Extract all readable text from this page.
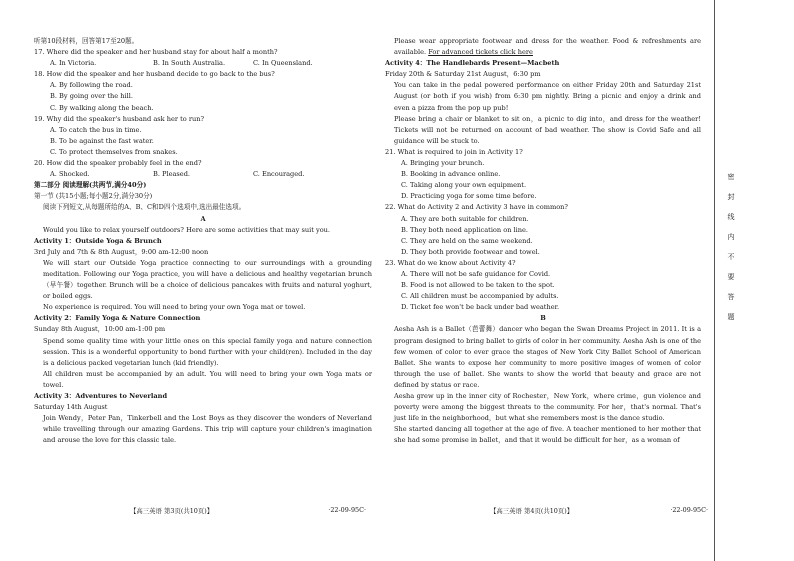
听第10段材料，回答第17至20题。
17. Where did the speaker and her husband stay for about half a month?
A. In Victoria.	B. In South Australia.	C. In Queensland.
18. How did the speaker and her husband decide to go back to the bus?
A. By following the road.
B. By going over the hill.
C. By walking along the beach.
19. Why did the speaker's husband ask her to run?
A. To catch the bus in time.
B. To be against the fast water.
C. To protect themselves from snakes.
20. How did the speaker probably feel in the end?
A. Shocked.	B. Pleased.	C. Encouraged.
第二部分 阅读理解(共两节,满分40分)
第一节 (共15小题;每小题2分,满分30分)
阅读下列短文,从每题所给的A、B、C和D四个选项中,选出最佳选项。
A
Would you like to relax yourself outdoors? Here are some activities that may suit you.
Activity 1：Outside Yoga & Brunch
3rd July and 7th & 8th August，9:00 am-12:00 noon
We will start our Outside Yoga practice connecting to our surroundings with a grounding meditation. Following our Yoga practice, you will have a delicious and healthy vegetarian brunch（早午餐）together. Brunch will be a choice of delicious pancakes with fruits and natural yoghurt, or boiled eggs.
No experience is required. You will need to bring your own Yoga mat or towel.
Activity 2：Family Yoga & Nature Connection
Sunday 8th August，10:00 am-1:00 pm
Spend some quality time with your little ones on this special family yoga and nature connection session. This is a wonderful opportunity to bond further with your child(ren). Included in the day is a delicious packed vegetarian lunch (kid friendly).
All children must be accompanied by an adult. You will need to bring your own Yoga mats or towel.
Activity 3：Adventures to Neverland
Saturday 14th August
Join Wendy，Peter Pan，Tinkerbell and the Lost Boys as they discover the wonders of Neverland while travelling through our amazing Gardens. This trip will capture your children's imagination and arouse the love for this classic tale.
【高三英语 第3页(共10页)】	·22-09-95C·
Please wear appropriate footwear and dress for the weather. Food & refreshments are available. For advanced tickets click here
Activity 4：The Handlebards Present—Macbeth
Friday 20th & Saturday 21st August，6:30 pm
You can take in the pedal powered performance on either Friday 20th and Saturday 21st August (or both if you wish) from 6:30 pm nightly. Bring a picnic and enjoy a drink and even a pizza from the pop up pub!
Please bring a chair or blanket to sit on，a picnic to dig into，and dress for the weather! Tickets will not be returned on account of bad weather. The show is Covid Safe and all guidance will be stuck to.
21. What is required to join in Activity 1?
A. Bringing your brunch.
B. Booking in advance online.
C. Taking along your own equipment.
D. Practicing yoga for some time before.
22. What do Activity 2 and Activity 3 have in common?
A. They are both suitable for children.
B. They both need application on line.
C. They are held on the same weekend.
D. They both provide footwear and towel.
23. What do we know about Activity 4?
A. There will not be safe guidance for Covid.
B. Food is not allowed to be taken to the spot.
C. All children must be accompanied by adults.
D. Ticket fee won't be back under bad weather.
B
Aesha Ash is a Ballet（芭蕾舞）dancer who began the Swan Dreams Project in 2011. It is a program designed to bring ballet to girls of color in her community. Aesha Ash is one of the few women of color to ever grace the stages of New York City Ballet School of American Ballet. She wants to expose her community to more positive images of women of color through the use of ballet. She wants to show the world that beauty and grace are not defined by status or race.
Aesha grew up in the inner city of Rochester，New York，where crime，gun violence and poverty were among the biggest threats to the community. For her，that's normal. That's just life in the neighborhood，but what she remembers most is the dance studio.
She started dancing all together at the age of five. A teacher mentioned to her mother that she had some promise in ballet，and that it would be difficult for her，as a woman of
【高三英语 第4页(共10页)】	·22-09-95C·
密
封
线
内
不
要
答
题
